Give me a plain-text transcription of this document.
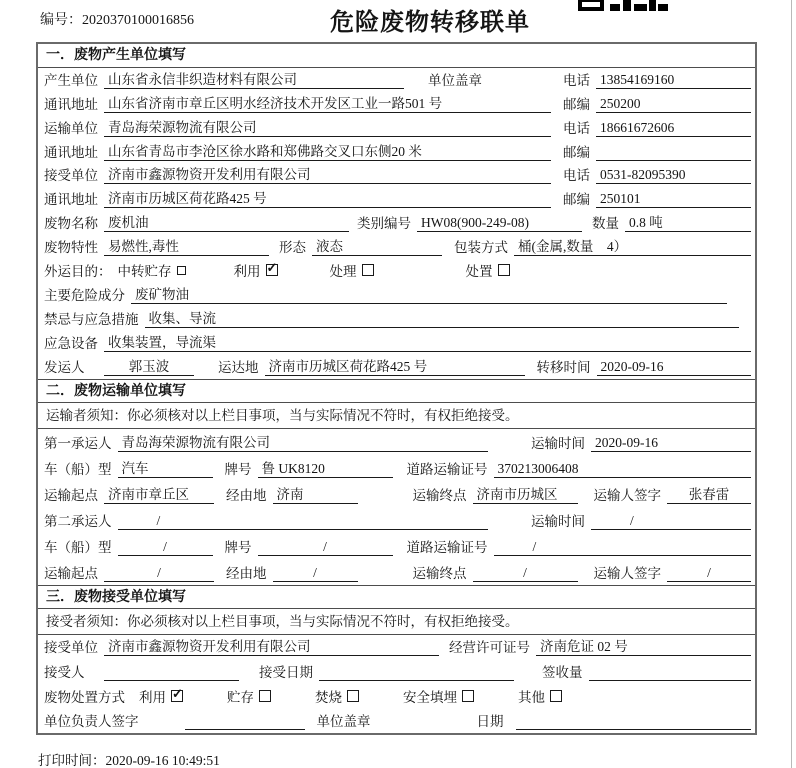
编号：2020370100016856	危险废物转移联单
一．废物产生单位填写
产生单位 山东省永信非织造材料有限公司	单位盖章	电话 13854169160
通讯地址 山东省济南市章丘区明水经济技术开发区工业一路501 号	邮编 250200
运输单位 青岛海荣源物流有限公司	电话 18661672606
通讯地址 山东省青岛市李沧区徐水路和郑佛路交叉口东侧20 米	邮编
接受单位 济南市鑫源物资开发利用有限公司	电话 0531-82095390
通讯地址 济南市历城区荷花路425 号	邮编 250101
废物名称 废机油	类别编号 HW08(900-249-08)	数量 0.8 吨
废物特性 易燃性,毒性	形态 液态	包装方式 桶(金属,数量　4）
外运目的： 中转贮存	利用 ✓	处理	处置
主要危险成分 废矿物油
禁忌与应急措施 收集、导流
应急设备 收集装置，导流渠
发运人	郭玉波	运达地 济南市历城区荷花路425 号	转移时间 2020-09-16
二．废物运输单位填写
运输者须知：你必须核对以上栏目事项，当与实际情况不符时，有权拒绝接受。
第一承运人 青岛海荣源物流有限公司	运输时间 2020-09-16
车（船）型 汽车	牌号 鲁 UK8120	道路运输证号 370213006408
运输起点 济南市章丘区	经由地 济南	运输终点 济南市历城区	运输人签字	张春雷
第二承运人	/	运输时间	/
车（船）型	/	牌号	/	道路运输证号	/
运输起点	/	经由地	/	运输终点	/	运输人签字	/
三．废物接受单位填写
接受者须知：你必须核对以上栏目事项，当与实际情况不符时，有权拒绝接受。
接受单位 济南市鑫源物资开发利用有限公司	经营许可证号 济南危证 02 号
接受人	接受日期	签收量
废物处置方式 利用 ✓	贮存	焚烧	安全填埋	其他
单位负责人签字	单位盖章	日期
打印时间：2020-09-16 10:49:51
